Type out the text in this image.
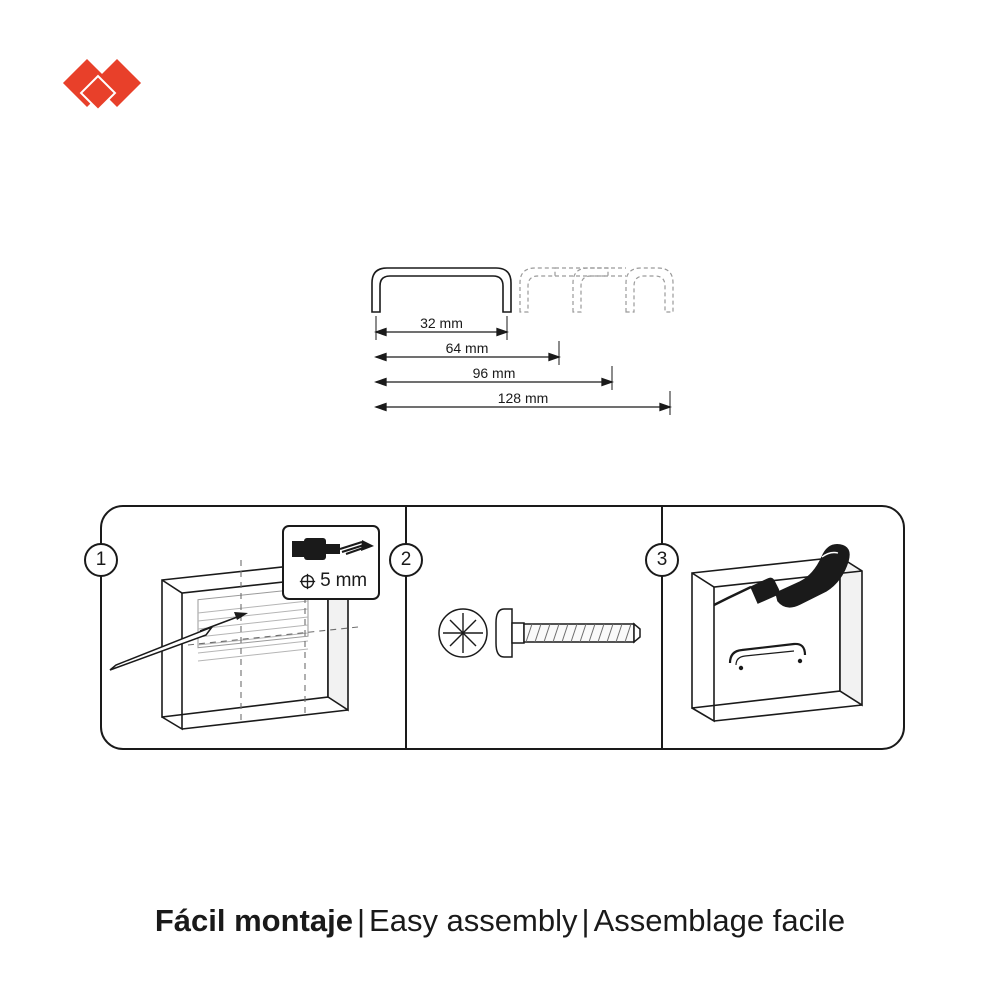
32 mm
64 mm
96 mm
128 mm
1	2	3
5 mm
Fácil montaje | Easy assembly | Assemblage facile
